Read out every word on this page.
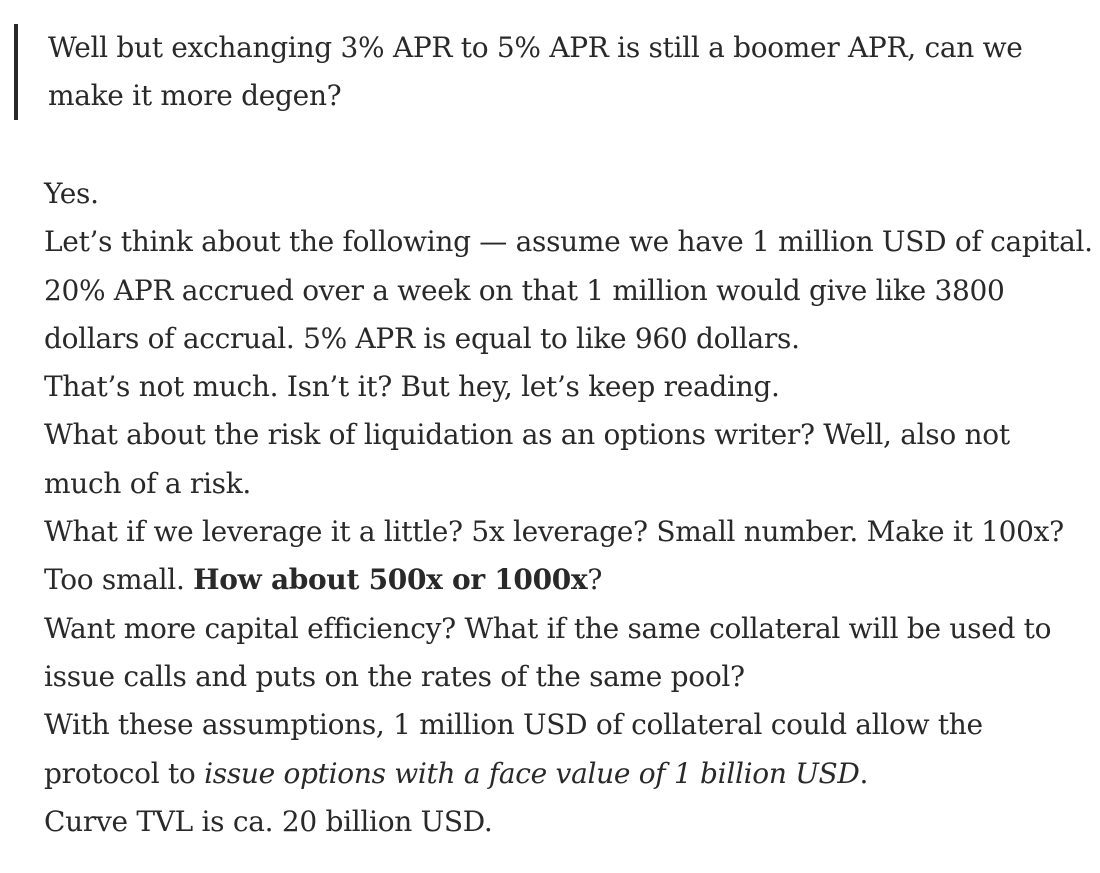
Well but exchanging 3% APR to 5% APR is still a boomer APR, can we make it more degen?

Yes.

Let’s think about the following — assume we have 1 million USD of capital. 20% APR accrued over a week on that 1 million would give like 3800 dollars of accrual. 5% APR is equal to like 960 dollars.

That’s not much. Isn’t it? But hey, let’s keep reading.

What about the risk of liquidation as an options writer? Well, also not much of a risk.

What if we leverage it a little? 5x leverage? Small number. Make it 100x? Too small. How about 500x or 1000x?

Want more capital efficiency? What if the same collateral will be used to issue calls and puts on the rates of the same pool?

With these assumptions, 1 million USD of collateral could allow the protocol to issue options with a face value of 1 billion USD.

Curve TVL is ca. 20 billion USD.
